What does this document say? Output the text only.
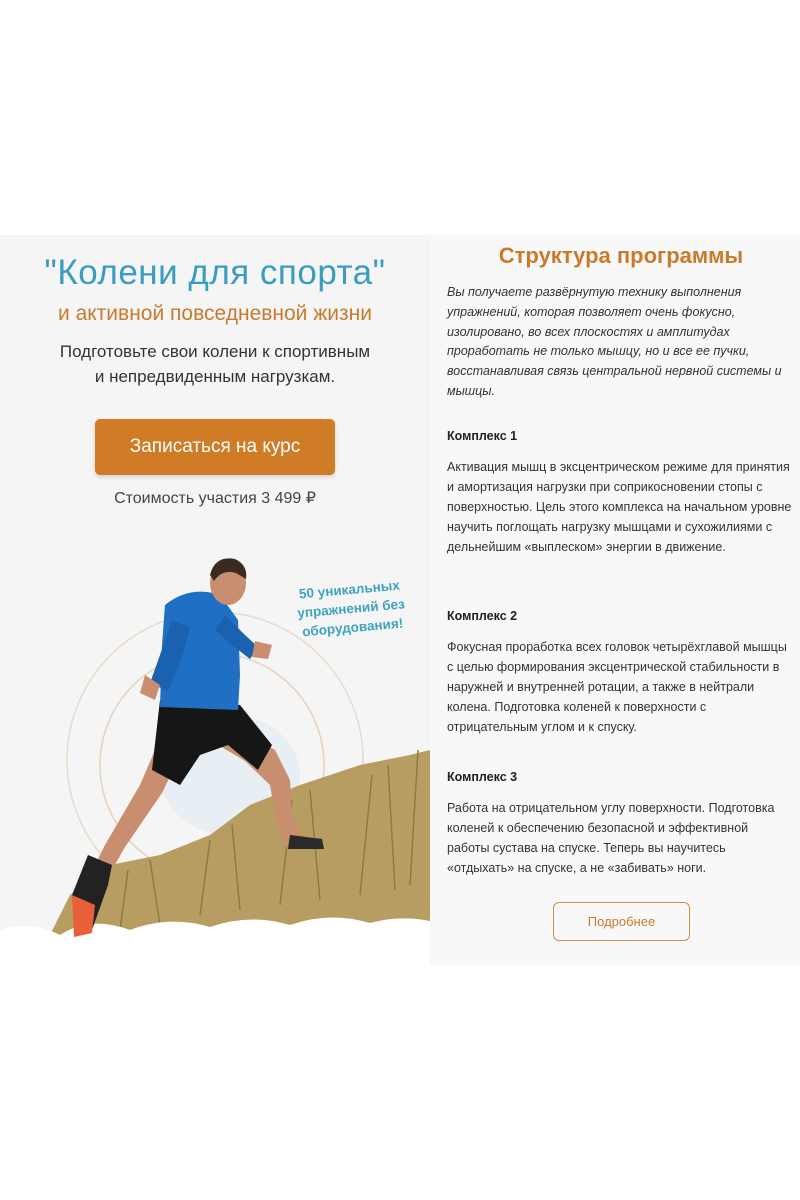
"Колени для спорта"
и активной повседневной жизни
Подготовьте свои колени к спортивным
и непредвиденным нагрузкам.
Записаться на курс
Стоимость участия 3 499 ₽
50 уникальных
упражнений без
оборудования!
Структура программы
Вы получаете развёрнутую технику выполнения упражнений, которая позволяет очень фокусно, изолировано, во всех плоскостях и амплитудах проработать не только мышцу, но и все ее пучки, восстанавливая связь центральной нервной системы и мышцы.
Комплекс 1
Активация мышц в эксцентрическом режиме для принятия и амортизация нагрузки при соприкосновении стопы с поверхностью. Цель этого комплекса на начальном уровне научить поглощать нагрузку мышцами и сухожилиями с дельнейшим «выплеском» энергии в движение.
Комплекс 2
Фокусная проработка всех головок четырёхглавой мышцы с целью формирования эксцентрической стабильности в наружней и внутренней ротации, а также в нейтрали колена. Подготовка коленей к поверхности с отрицательным углом и к спуску.
Комплекс 3
Работа на отрицательном углу поверхности. Подготовка коленей к обеспечению безопасной и эффективной работы сустава на спуске. Теперь вы научитесь «отдыхать» на спуске, а не «забивать» ноги.
Подробнее
